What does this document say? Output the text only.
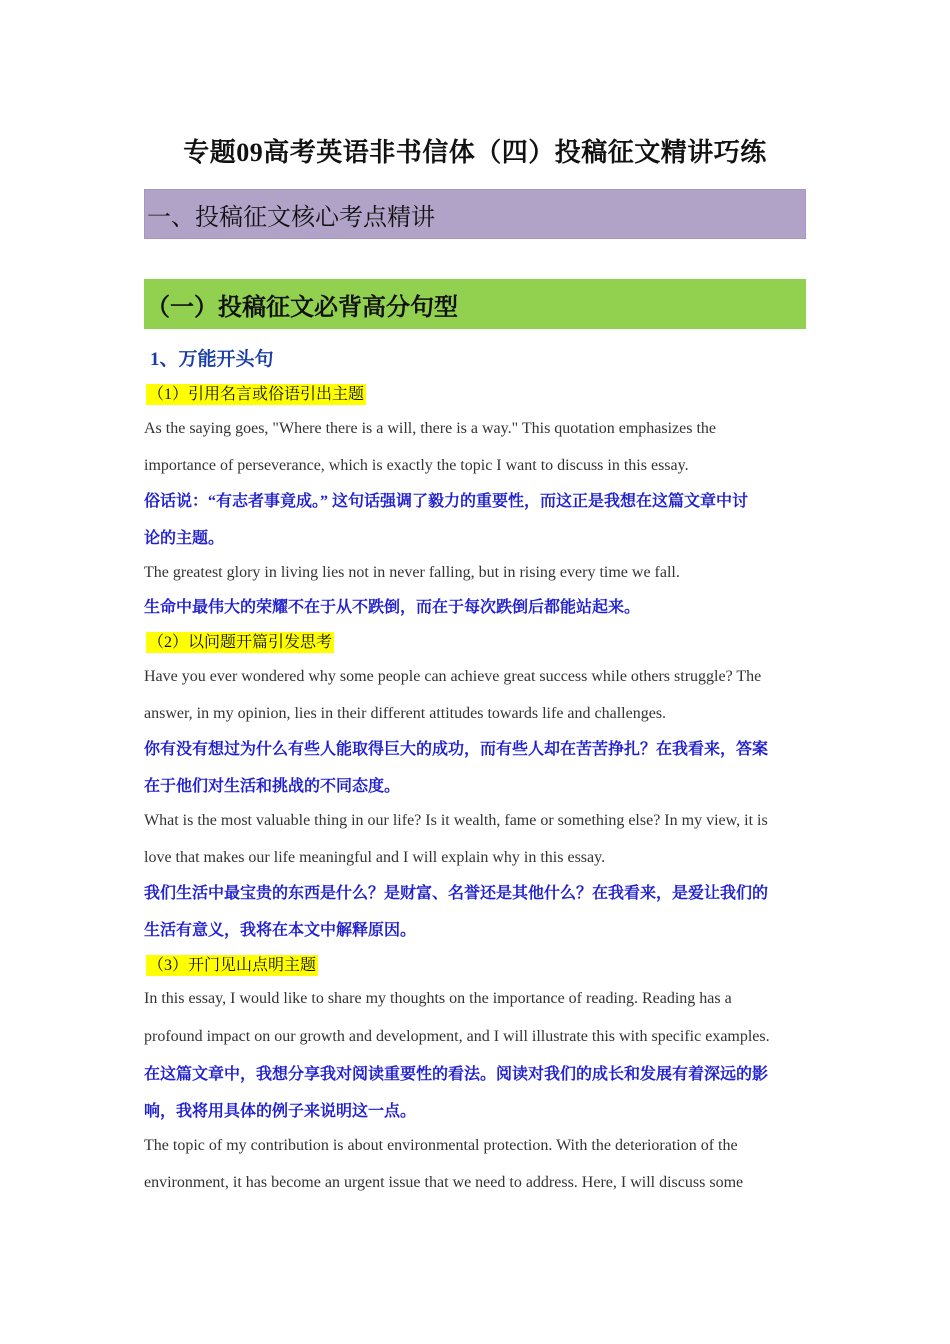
专题09高考英语非书信体（四）投稿征文精讲巧练
一、投稿征文核心考点精讲
（一）投稿征文必背高分句型
1、万能开头句
（1）引用名言或俗语引出主题
As the saying goes, "Where there is a will, there is a way." This quotation emphasizes the
importance of perseverance, which is exactly the topic I want to discuss in this essay.
俗话说：“有志者事竟成。” 这句话强调了毅力的重要性，而这正是我想在这篇文章中讨
论的主题。
The greatest glory in living lies not in never falling, but in rising every time we fall.
生命中最伟大的荣耀不在于从不跌倒，而在于每次跌倒后都能站起来。
（2）以问题开篇引发思考
Have you ever wondered why some people can achieve great success while others struggle? The
answer, in my opinion, lies in their different attitudes towards life and challenges.
你有没有想过为什么有些人能取得巨大的成功，而有些人却在苦苦挣扎？在我看来，答案
在于他们对生活和挑战的不同态度。
What is the most valuable thing in our life? Is it wealth, fame or something else? In my view, it is
love that makes our life meaningful and I will explain why in this essay.
我们生活中最宝贵的东西是什么？是财富、名誉还是其他什么？在我看来，是爱让我们的
生活有意义，我将在本文中解释原因。
（3）开门见山点明主题
In this essay, I would like to share my thoughts on the importance of reading. Reading has a
profound impact on our growth and development, and I will illustrate this with specific examples.
在这篇文章中，我想分享我对阅读重要性的看法。阅读对我们的成长和发展有着深远的影
响，我将用具体的例子来说明这一点。
The topic of my contribution is about environmental protection. With the deterioration of the
environment, it has become an urgent issue that we need to address. Here, I will discuss some
